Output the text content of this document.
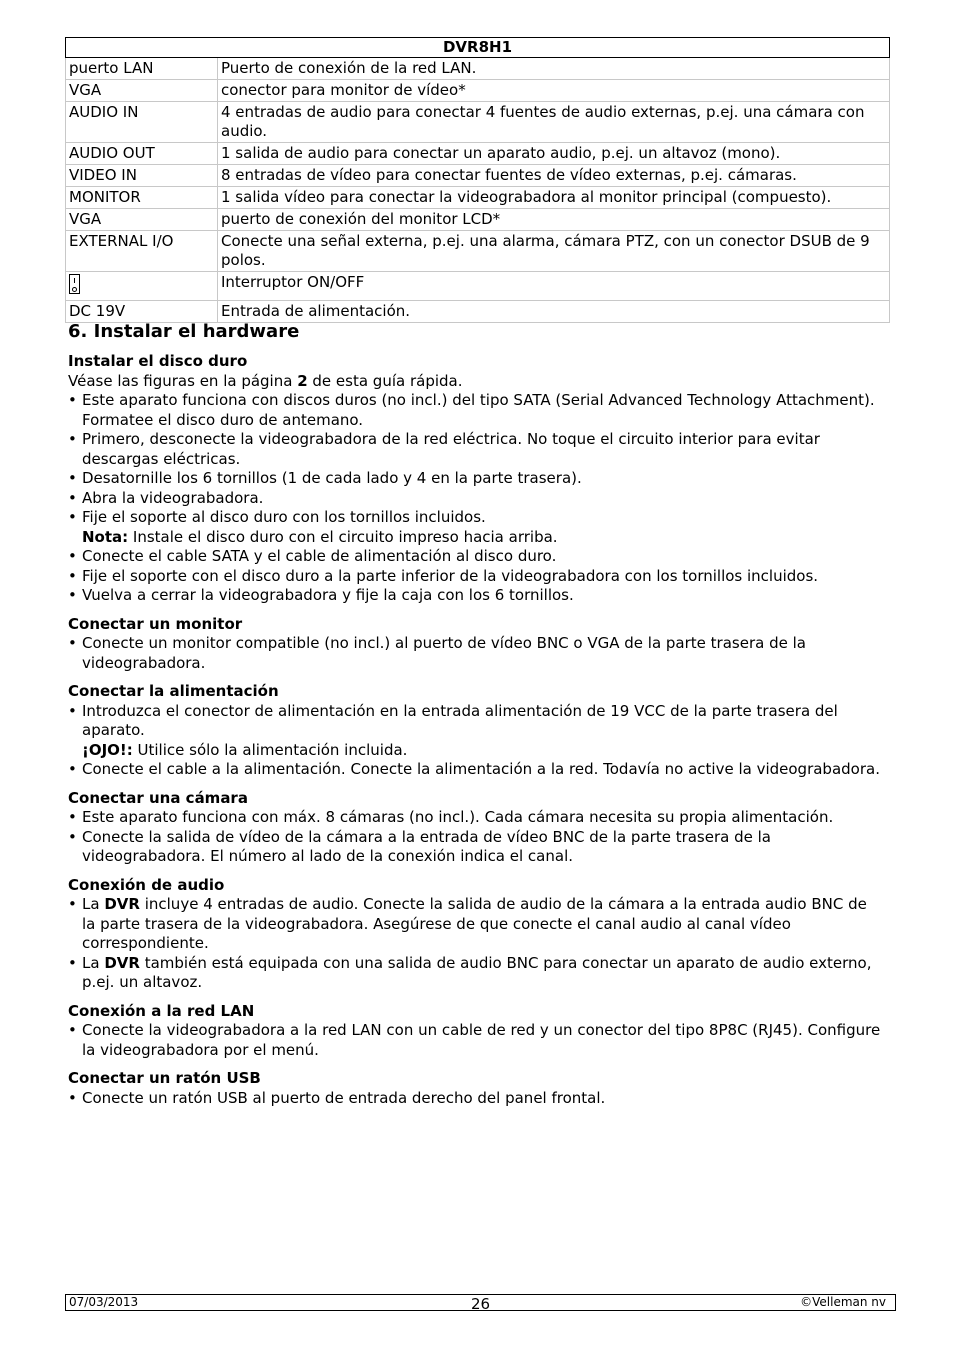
DVR8H1	
puerto LAN	Puerto de conexión de la red LAN.
VGA	conector para monitor de vídeo*
AUDIO IN	4 entradas de audio para conectar 4 fuentes de audio externas, p.ej. una cámara con audio.
AUDIO OUT	1 salida de audio para conectar un aparato audio, p.ej. un altavoz (mono).
VIDEO IN	8 entradas de vídeo para conectar fuentes de vídeo externas, p.ej. cámaras.
MONITOR	1 salida vídeo para conectar la videograbadora al monitor principal (compuesto).
VGA	puerto de conexión del monitor LCD*
EXTERNAL I/O	Conecte una señal externa, p.ej. una alarma, cámara PTZ, con un conector DSUB de 9 polos.

	Interruptor ON/OFF
DC 19V	Entrada de alimentación.
6. Instalar el hardware
Instalar el disco duro

Véase las figuras en la página 2 de esta guía rápida.

• Este aparato funciona con discos duros (no incl.) del tipo SATA (Serial Advanced Technology Attachment). Formatee el disco duro de antemano.
• Primero, desconecte la videograbadora de la red eléctrica. No toque el circuito interior para evitar descargas eléctricas.
• Desatornille los 6 tornillos (1 de cada lado y 4 en la parte trasera).
• Abra la videograbadora.
• Fije el soporte al disco duro con los tornillos incluidos.

Nota: Instale el disco duro con el circuito impreso hacia arriba.

• Conecte el cable SATA y el cable de alimentación al disco duro.
• Fije el soporte con el disco duro a la parte inferior de la videograbadora con los tornillos incluidos.
• Vuelva a cerrar la videograbadora y fije la caja con los 6 tornillos.
Conectar un monitor
• Conecte un monitor compatible (no incl.) al puerto de vídeo BNC o VGA de la parte trasera de la videograbadora.
Conectar la alimentación
• Introduzca el conector de alimentación en la entrada alimentación de 19 VCC de la parte trasera del aparato.

¡OJO!: Utilice sólo la alimentación incluida.

• Conecte el cable a la alimentación. Conecte la alimentación a la red. Todavía no active la videograbadora.
Conectar una cámara
• Este aparato funciona con máx. 8 cámaras (no incl.). Cada cámara necesita su propia alimentación.
• Conecte la salida de vídeo de la cámara a la entrada de vídeo BNC de la parte trasera de la videograbadora. El número al lado de la conexión indica el canal.
Conexión de audio
• La DVR incluye 4 entradas de audio. Conecte la salida de audio de la cámara a la entrada audio BNC de la parte trasera de la videograbadora. Asegúrese de que conecte el canal audio al canal vídeo correspondiente.
• La DVR también está equipada con una salida de audio BNC para conectar un aparato de audio externo, p.ej. un altavoz.
Conexión a la red LAN
• Conecte la videograbadora a la red LAN con un cable de red y un conector del tipo 8P8C (RJ45). Configure la videograbadora por el menú.
Conectar un ratón USB
• Conecte un ratón USB al puerto de entrada derecho del panel frontal.
07/03/2013	26	©Velleman nv
